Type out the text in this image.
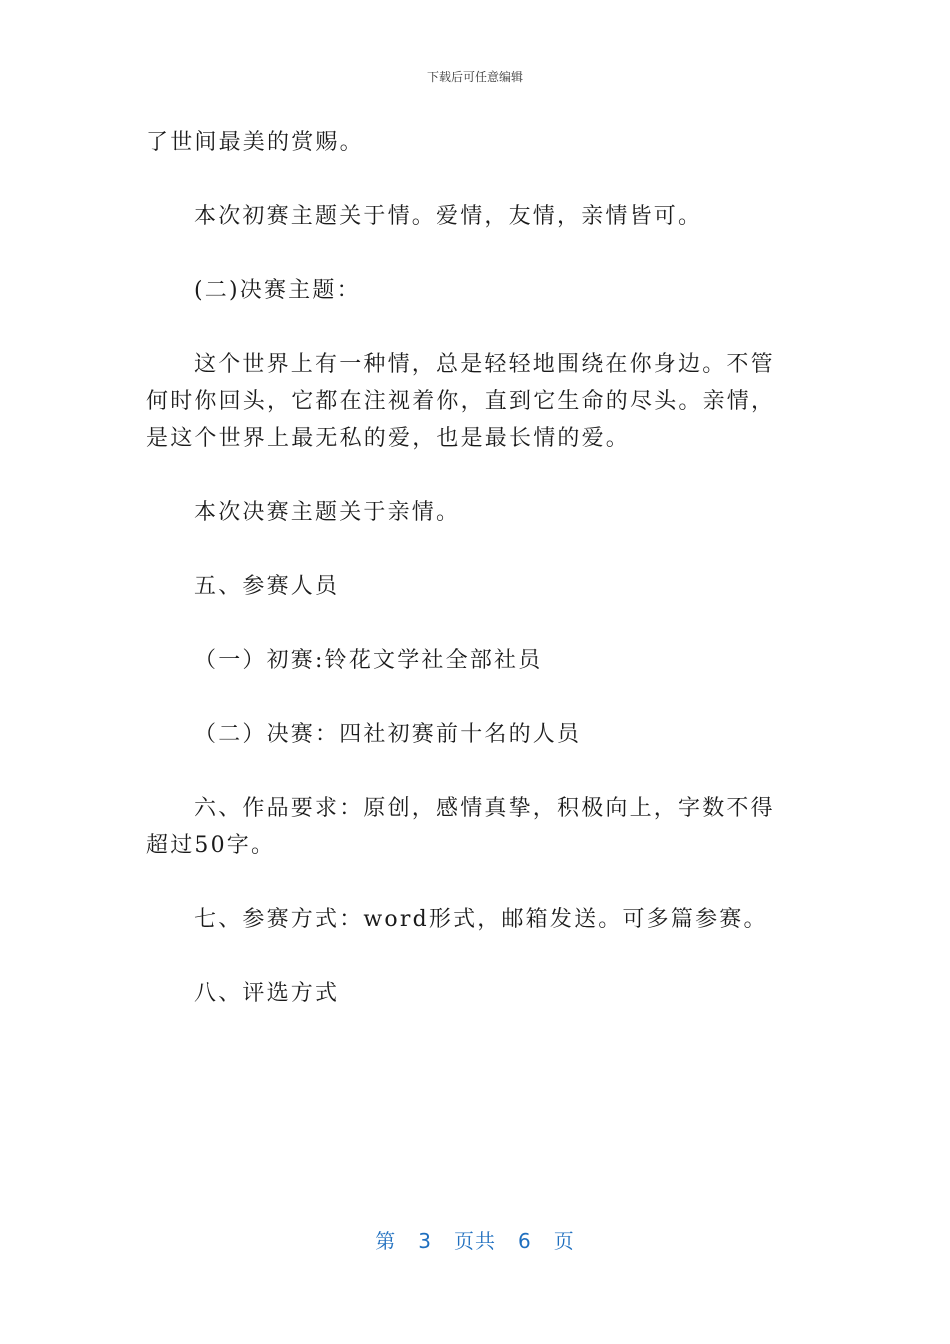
下载后可任意编辑

了世间最美的赏赐。

本次初赛主题关于情。爱情，友情，亲情皆可。

(二)决赛主题：

这个世界上有一种情，总是轻轻地围绕在你身边。不管何时你回头，它都在注视着你，直到它生命的尽头。亲情，是这个世界上最无私的爱，也是最长情的爱。

本次决赛主题关于亲情。

五、参赛人员

（一）初赛:铃花文学社全部社员

（二）决赛：四社初赛前十名的人员

六、作品要求：原创，感情真挚，积极向上，字数不得超过50字。

七、参赛方式：word形式，邮箱发送。可多篇参赛。

八、评选方式

第 3 页共 6 页
